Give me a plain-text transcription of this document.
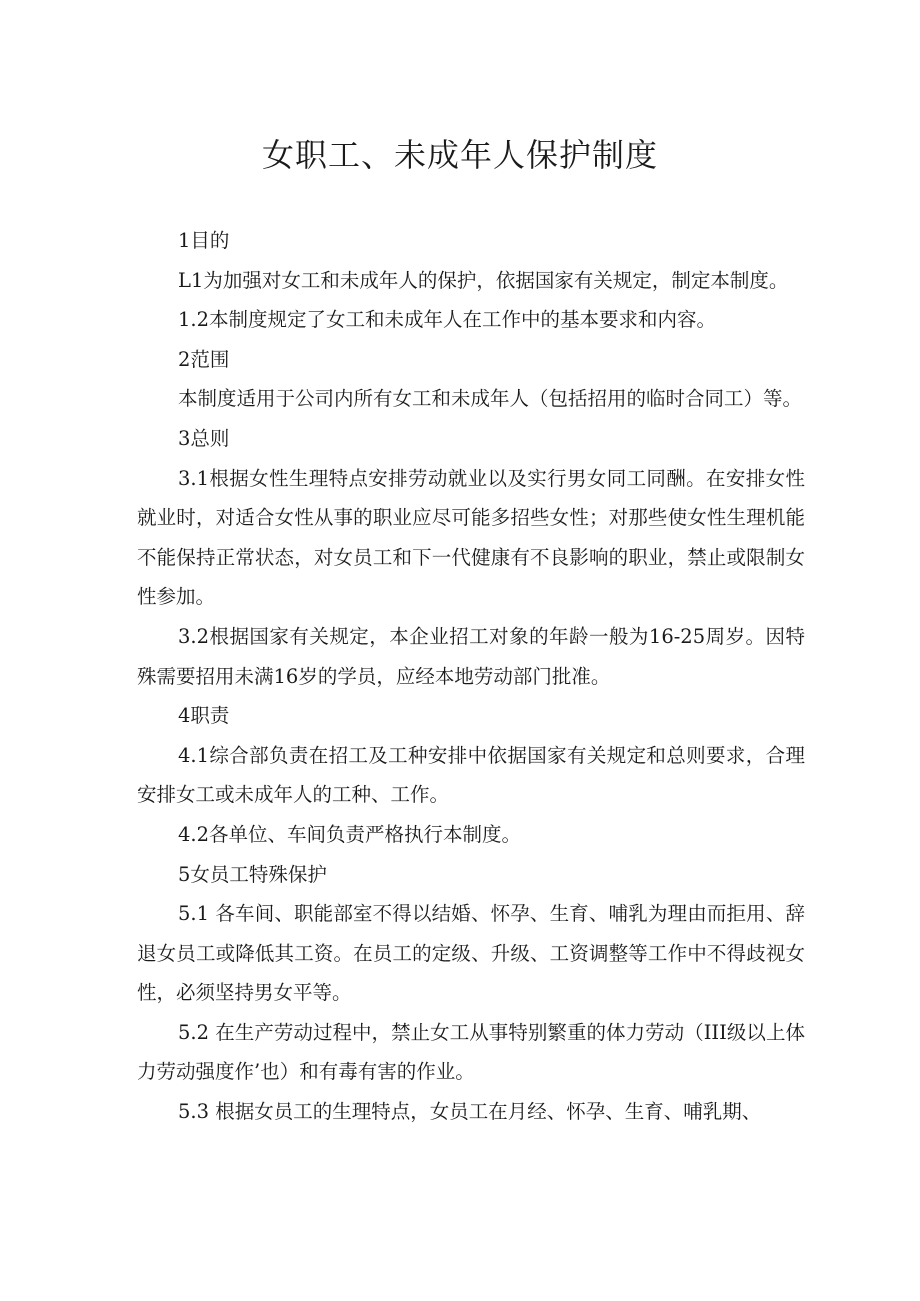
女职工、未成年人保护制度

1目的

L1为加强对女工和未成年人的保护，依据国家有关规定，制定本制度。

1.2本制度规定了女工和未成年人在工作中的基本要求和内容。

2范围

本制度适用于公司内所有女工和未成年人（包括招用的临时合同工）等。

3总则

3.1根据女性生理特点安排劳动就业以及实行男女同工同酬。在安排女性就业时，对适合女性从事的职业应尽可能多招些女性；对那些使女性生理机能不能保持正常状态，对女员工和下一代健康有不良影响的职业，禁止或限制女性参加。

3.2根据国家有关规定，本企业招工对象的年龄一般为16-25周岁。因特殊需要招用未满16岁的学员，应经本地劳动部门批准。

4职责

4.1综合部负责在招工及工种安排中依据国家有关规定和总则要求，合理安排女工或未成年人的工种、工作。

4.2各单位、车间负责严格执行本制度。

5女员工特殊保护

5.1 各车间、职能部室不得以结婚、怀孕、生育、哺乳为理由而拒用、辞退女员工或降低其工资。在员工的定级、升级、工资调整等工作中不得歧视女性，必须坚持男女平等。

5.2 在生产劳动过程中，禁止女工从事特别繁重的体力劳动（III级以上体力劳动强度作’也）和有毒有害的作业。

5.3 根据女员工的生理特点，女员工在月经、怀孕、生育、哺乳期、
